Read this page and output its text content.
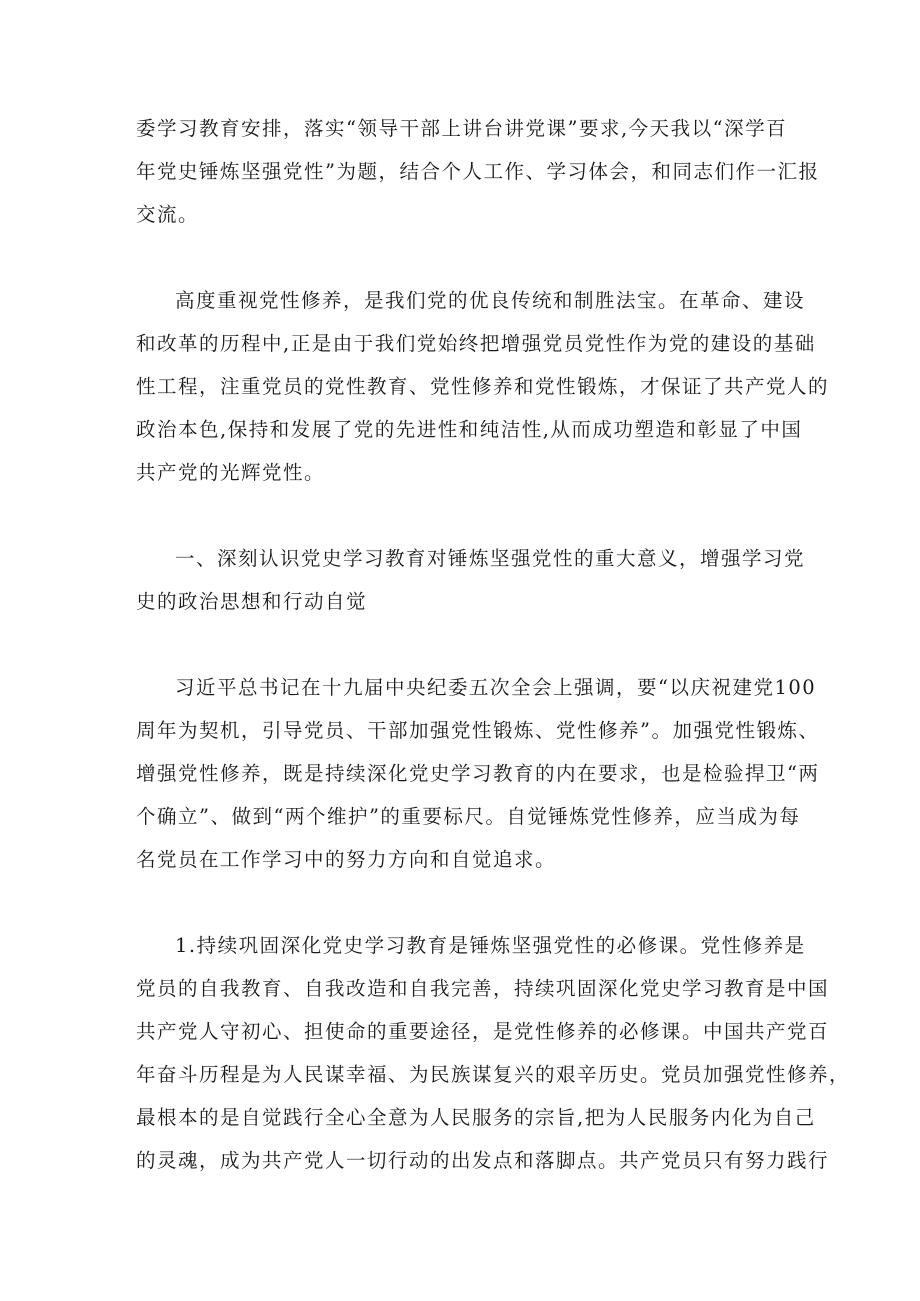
委学习教育安排，落实“领导干部上讲台讲党课”要求,今天我以“深学百
年党史锤炼坚强党性”为题，结合个人工作、学习体会，和同志们作一汇报
交流。

高度重视党性修养，是我们党的优良传统和制胜法宝。在革命、建设
和改革的历程中,正是由于我们党始终把增强党员党性作为党的建设的基础
性工程，注重党员的党性教育、党性修养和党性锻炼，才保证了共产党人的
政治本色,保持和发展了党的先进性和纯洁性,从而成功塑造和彰显了中国
共产党的光辉党性。

一、深刻认识党史学习教育对锤炼坚强党性的重大意义，增强学习党
史的政治思想和行动自觉

习近平总书记在十九届中央纪委五次全会上强调，要“以庆祝建党100
周年为契机，引导党员、干部加强党性锻炼、党性修养”。加强党性锻炼、
增强党性修养，既是持续深化党史学习教育的内在要求，也是检验捍卫“两
个确立”、做到“两个维护”的重要标尺。自觉锤炼党性修养，应当成为每
名党员在工作学习中的努力方向和自觉追求。

1.持续巩固深化党史学习教育是锤炼坚强党性的必修课。党性修养是
党员的自我教育、自我改造和自我完善，持续巩固深化党史学习教育是中国
共产党人守初心、担使命的重要途径，是党性修养的必修课。中国共产党百
年奋斗历程是为人民谋幸福、为民族谋复兴的艰辛历史。党员加强党性修养，
最根本的是自觉践行全心全意为人民服务的宗旨,把为人民服务内化为自己
的灵魂，成为共产党人一切行动的出发点和落脚点。共产党员只有努力践行
